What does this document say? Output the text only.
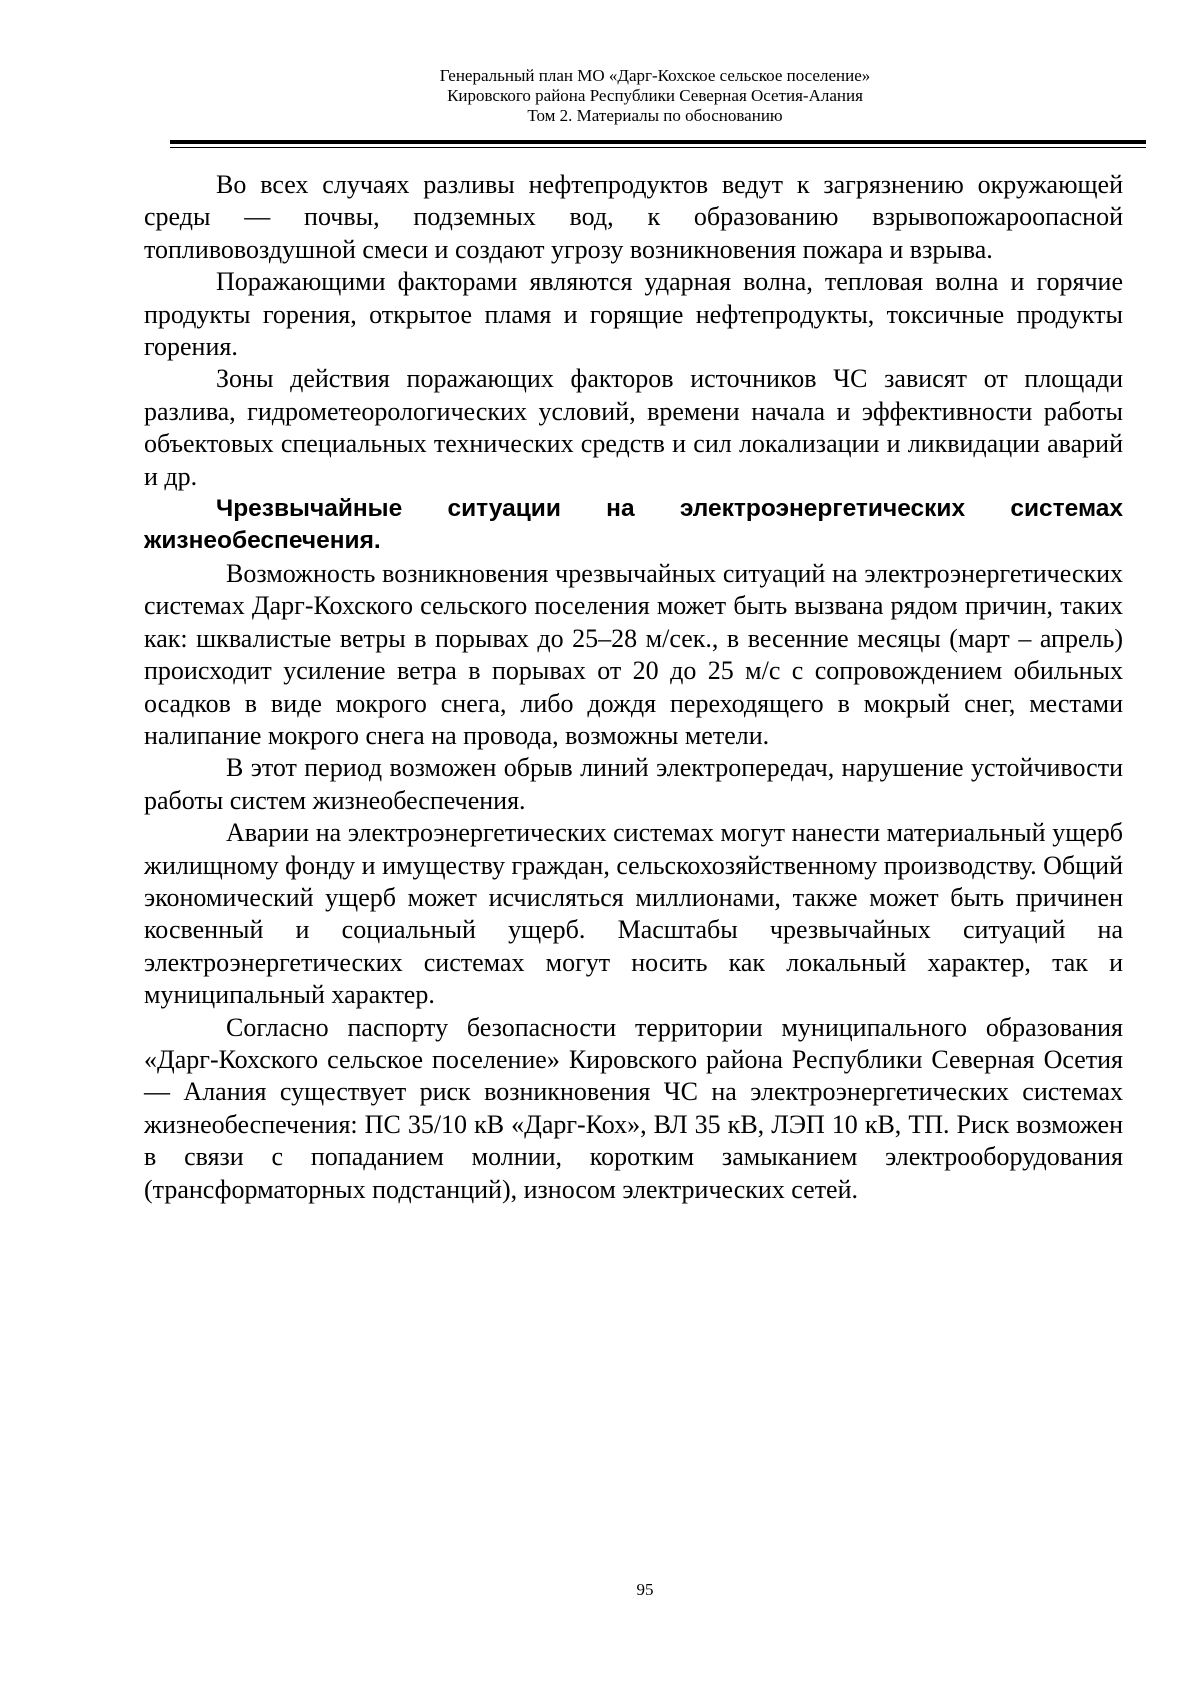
Генеральный план МО «Дарг-Кохское сельское поселение»
Кировского района Республики Северная Осетия-Алания
Том 2. Материалы по обоснованию

Во всех случаях разливы нефтепродуктов ведут к загрязнению окружающей среды — почвы, подземных вод, к образованию взрывопожароопасной топливовоздушной смеси и создают угрозу возникновения пожара и взрыва.

Поражающими факторами являются ударная волна, тепловая волна и горячие продукты горения, открытое пламя и горящие нефтепродукты, токсичные продукты горения.

Зоны действия поражающих факторов источников ЧС зависят от площади разлива, гидрометеорологических условий, времени начала и эффективности работы объектовых специальных технических средств и сил локализации и ликвидации аварий и др.

Чрезвычайные ситуации на электроэнергетических системах жизнеобеспечения.

Возможность возникновения чрезвычайных ситуаций на электроэнергетических системах Дарг-Кохского сельского поселения может быть вызвана рядом причин, таких как: шквалистые ветры в порывах до 25–28 м/сек., в весенние месяцы (март – апрель) происходит усиление ветра в порывах от 20 до 25 м/с с сопровождением обильных осадков в виде мокрого снега, либо дождя переходящего в мокрый снег, местами налипание мокрого снега на провода, возможны метели.

В этот период возможен обрыв линий электропередач, нарушение устойчивости работы систем жизнеобеспечения.

Аварии на электроэнергетических системах могут нанести материальный ущерб жилищному фонду и имуществу граждан, сельскохозяйственному производству. Общий экономический ущерб может исчисляться миллионами, также может быть причинен косвенный и социальный ущерб. Масштабы чрезвычайных ситуаций на электроэнергетических системах могут носить как локальный характер, так и муниципальный характер.

Согласно паспорту безопасности территории муниципального образования «Дарг-Кохского сельское поселение» Кировского района Республики Северная Осетия — Алания существует риск возникновения ЧС на электроэнергетических системах жизнеобеспечения: ПС 35/10 кВ «Дарг-Кох», ВЛ 35 кВ, ЛЭП 10 кВ, ТП. Риск возможен в связи с попаданием молнии, коротким замыканием электрооборудования (трансформаторных подстанций), износом электрических сетей.

95
